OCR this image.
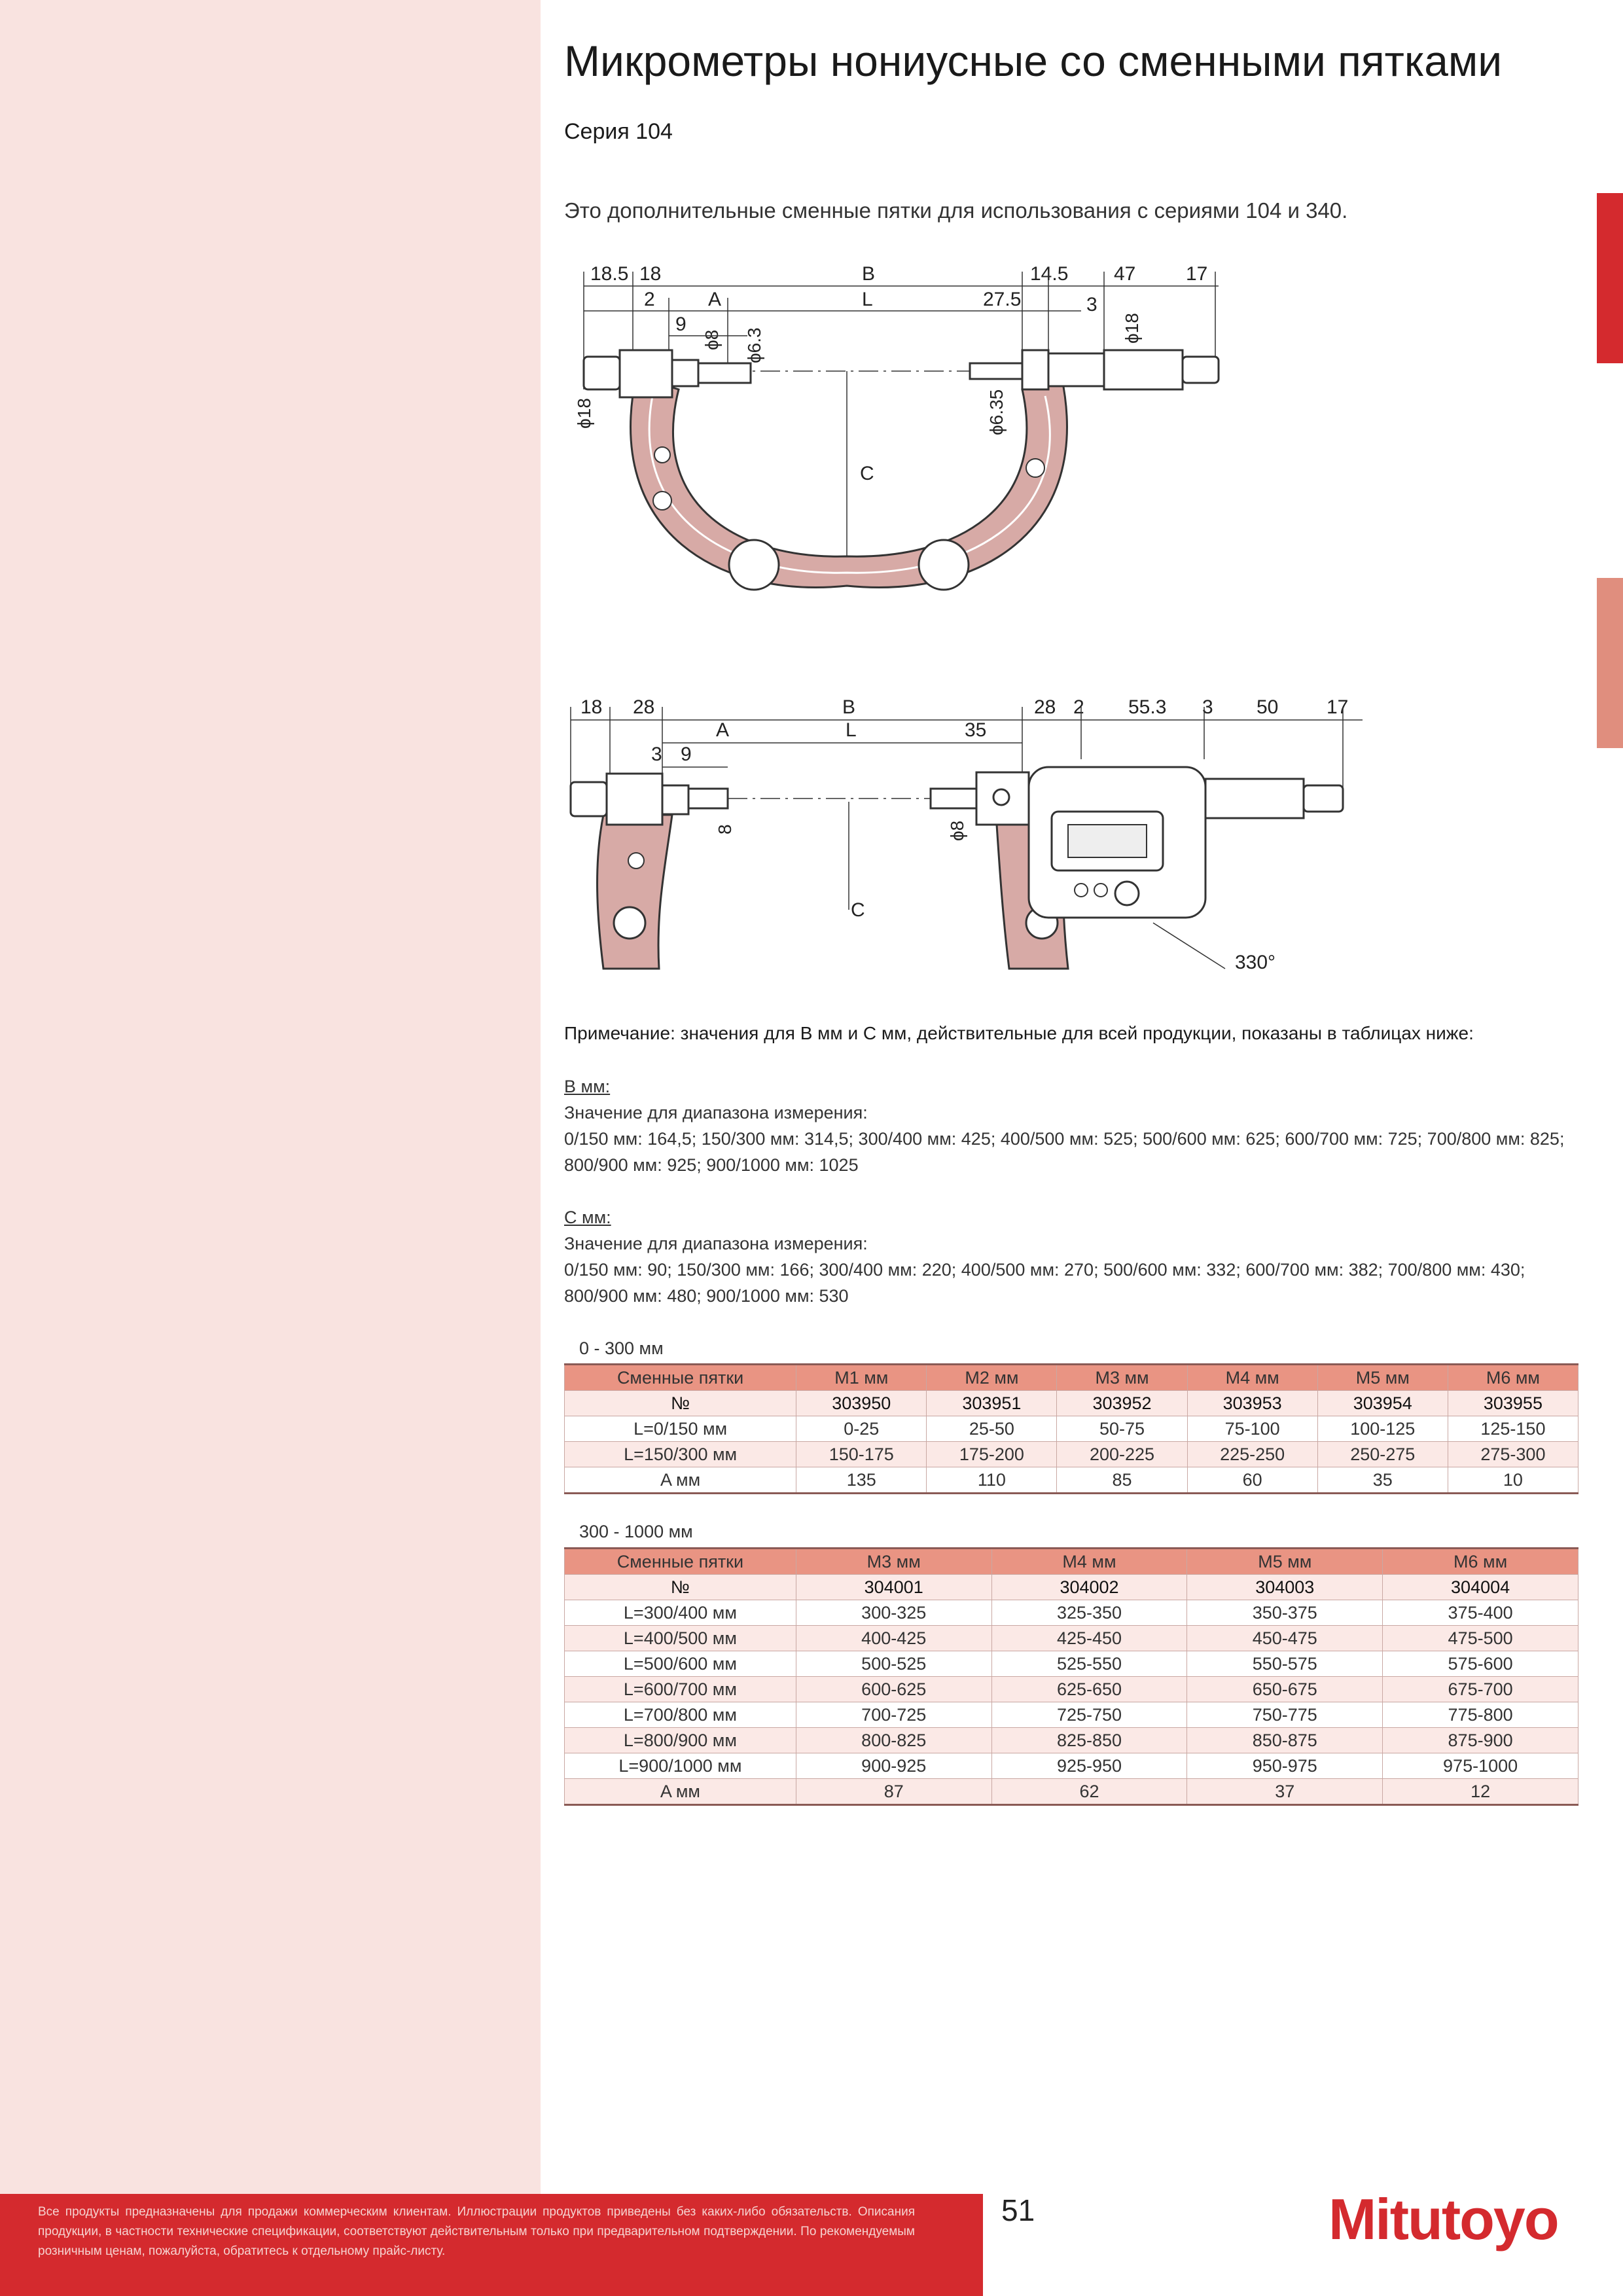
Микрометры нониусные со сменными пятками
Серия 104
Это дополнительные сменные пятки для использования с сериями 104 и 340.
18.5 18	B	14.5 47	17
2	A	L	27.5	3
9
C
ϕ8 ϕ6.3	ϕ18
ϕ18	ϕ6.35
18 28	B	28 2 55.3 3 50 17
A	L	35
3 9
C
330°
8	ϕ8
Примечание: значения для В мм и С мм, действительные для всей продукции, показаны в таблицах ниже:
B мм:
Значение для диапазона измерения:
0/150 мм: 164,5; 150/300 мм: 314,5; 300/400 мм: 425; 400/500 мм: 525; 500/600 мм: 625; 600/700 мм: 725; 700/800 мм: 825; 800/900 мм: 925; 900/1000 мм: 1025
C мм:
Значение для диапазона измерения:
0/150 мм: 90; 150/300 мм: 166; 300/400 мм: 220; 400/500 мм: 270; 500/600 мм: 332; 600/700 мм: 382; 700/800 мм: 430; 800/900 мм: 480; 900/1000 мм: 530
0 - 300 мм
Сменные пятки	M1 мм	M2 мм	M3 мм	M4 мм	M5 мм	M6 мм
№	303950	303951	303952	303953	303954	303955
L=0/150 мм	0-25	25-50	50-75	75-100	100-125	125-150
L=150/300 мм	150-175	175-200	200-225	225-250	250-275	275-300
A мм	135	110	85	60	35	10
300 - 1000 мм
Сменные пятки	M3 мм	M4 мм	M5 мм	M6 мм
№	304001	304002	304003	304004
L=300/400 мм	300-325	325-350	350-375	375-400
L=400/500 мм	400-425	425-450	450-475	475-500
L=500/600 мм	500-525	525-550	550-575	575-600
L=600/700 мм	600-625	625-650	650-675	675-700
L=700/800 мм	700-725	725-750	750-775	775-800
L=800/900 мм	800-825	825-850	850-875	875-900
L=900/1000 мм	900-925	925-950	950-975	975-1000
A мм	87	62	37	12
Все продукты предназначены для продажи коммерческим клиентам. Иллюстрации продуктов приведены без каких-либо обязательств. Описания продукции, в частности технические спецификации, соответствуют действительным только при предварительном подтверждении. По рекомендуемым розничным ценам, пожалуйста, обратитесь к отдельному прайс-листу.
51	Mitutoyo
